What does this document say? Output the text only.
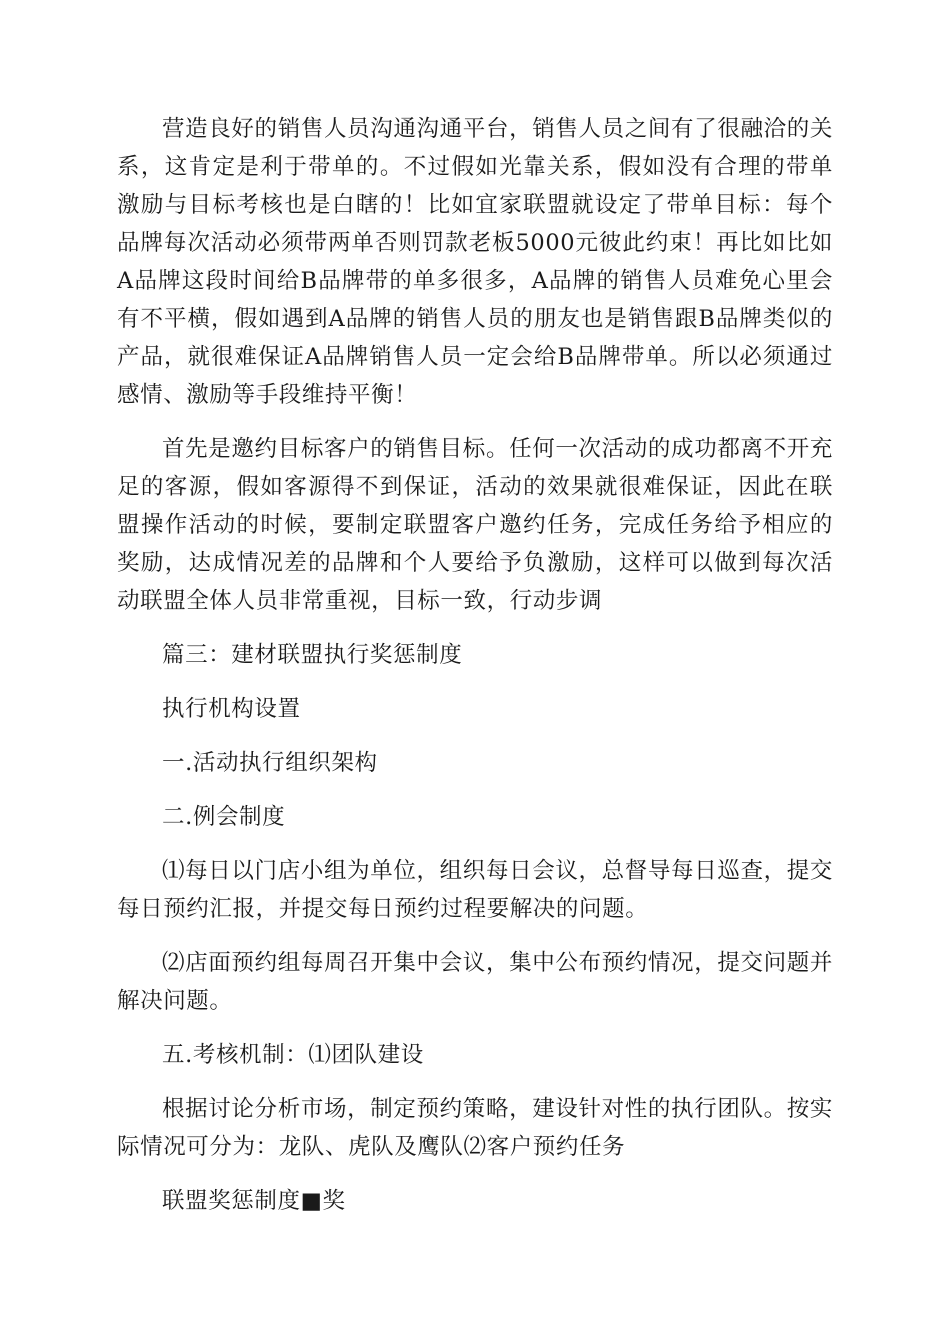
营造良好的销售人员沟通沟通平台，销售人员之间有了很融洽的关系，这肯定是利于带单的。不过假如光靠关系，假如没有合理的带单激励与目标考核也是白瞎的！比如宜家联盟就设定了带单目标：每个品牌每次活动必须带两单否则罚款老板5000元彼此约束！再比如比如A品牌这段时间给B品牌带的单多很多，A品牌的销售人员难免心里会有不平横，假如遇到A品牌的销售人员的朋友也是销售跟B品牌类似的产品，就很难保证A品牌销售人员一定会给B品牌带单。所以必须通过感情、激励等手段维持平衡！

首先是邀约目标客户的销售目标。任何一次活动的成功都离不开充足的客源，假如客源得不到保证，活动的效果就很难保证，因此在联盟操作活动的时候，要制定联盟客户邀约任务，完成任务给予相应的奖励，达成情况差的品牌和个人要给予负激励，这样可以做到每次活动联盟全体人员非常重视，目标一致，行动步调

篇三：建材联盟执行奖惩制度

执行机构设置

一.活动执行组织架构

二.例会制度

⑴每日以门店小组为单位，组织每日会议，总督导每日巡查，提交每日预约汇报，并提交每日预约过程要解决的问题。

⑵店面预约组每周召开集中会议，集中公布预约情况，提交问题并解决问题。

五.考核机制：⑴团队建设

根据讨论分析市场，制定预约策略，建设针对性的执行团队。按实际情况可分为：龙队、虎队及鹰队⑵客户预约任务

联盟奖惩制度■奖
